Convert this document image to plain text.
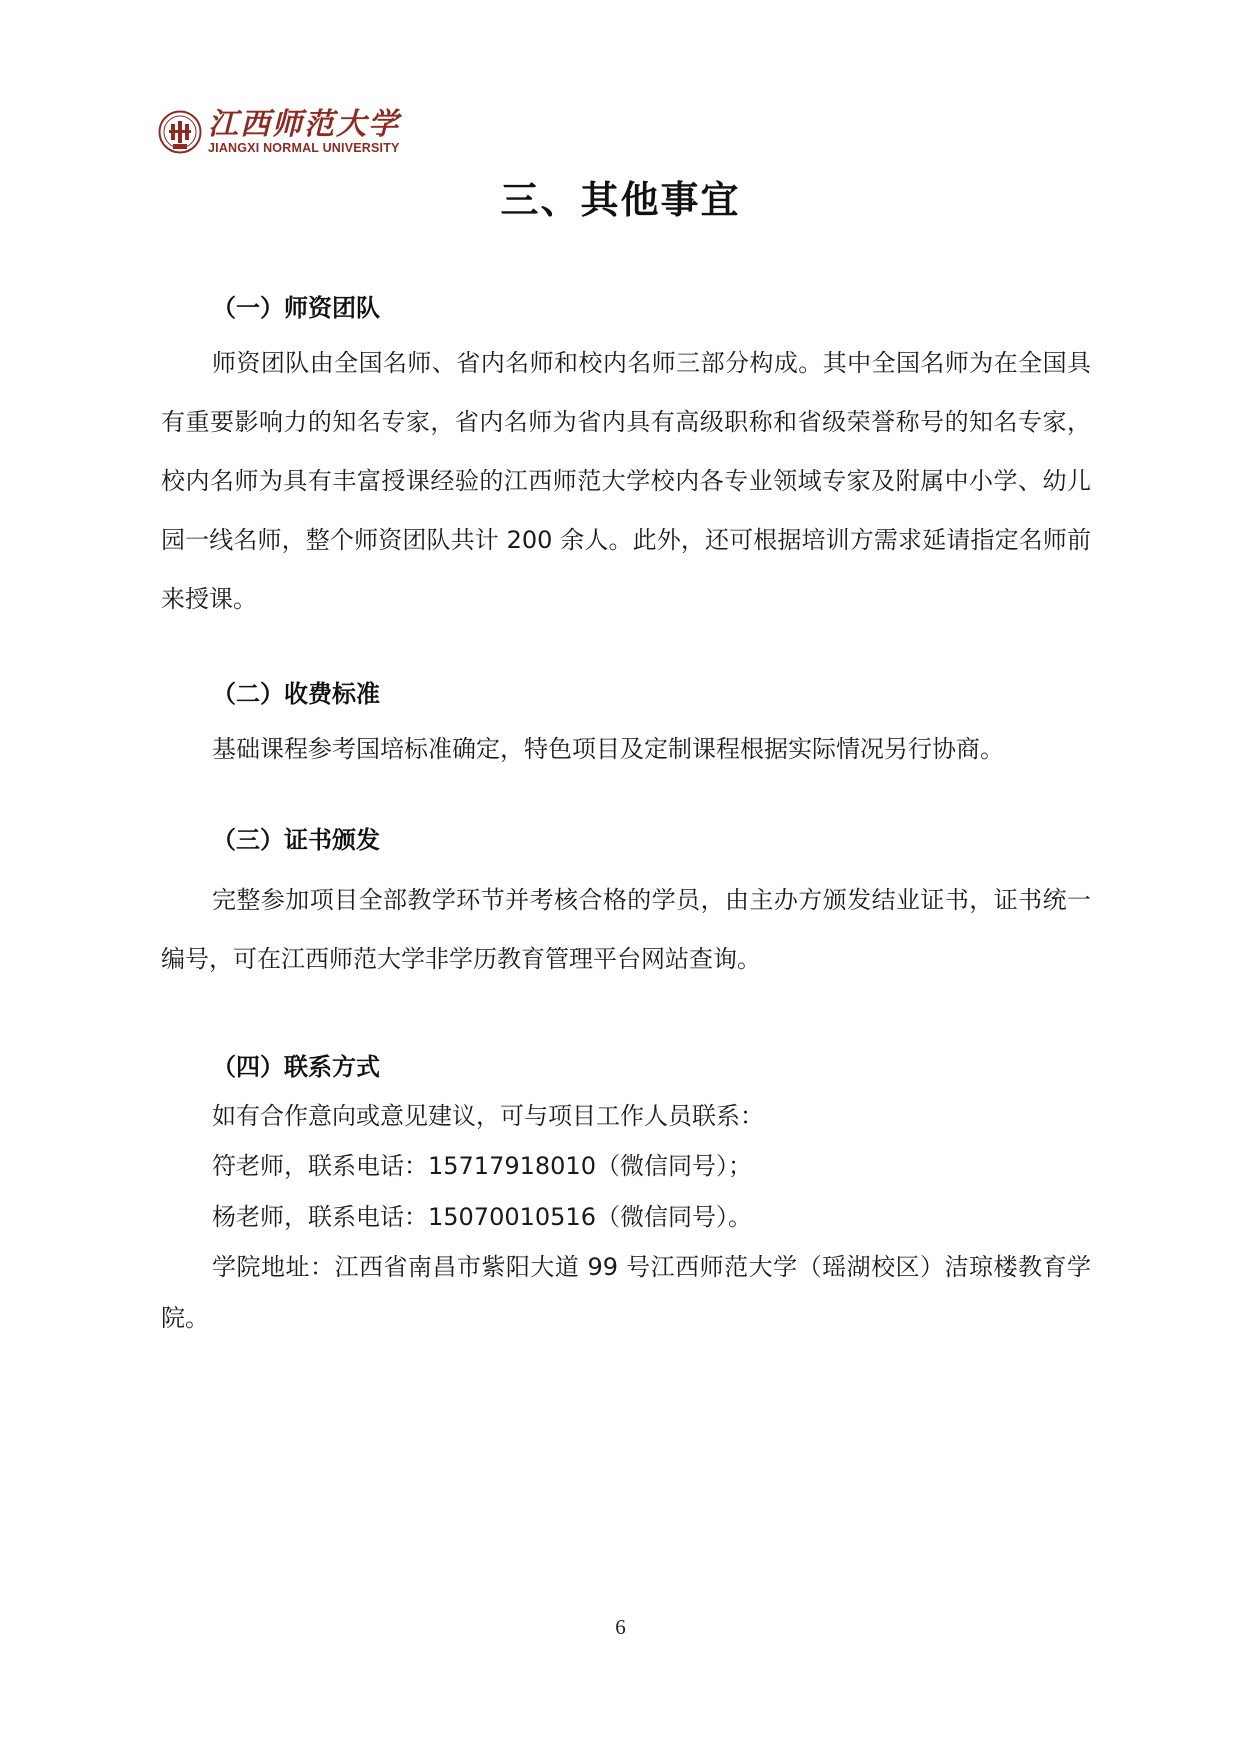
江西师范大学
JIANGXI NORMAL UNIVERSITY
三、其他事宜
（一）师资团队
师资团队由全国名师、省内名师和校内名师三部分构成。其中全国名师为在全国具有重要影响力的知名专家，省内名师为省内具有高级职称和省级荣誉称号的知名专家，校内名师为具有丰富授课经验的江西师范大学校内各专业领域专家及附属中小学、幼儿园一线名师，整个师资团队共计 200 余人。此外，还可根据培训方需求延请指定名师前来授课。
（二）收费标准
基础课程参考国培标准确定，特色项目及定制课程根据实际情况另行协商。
（三）证书颁发
完整参加项目全部教学环节并考核合格的学员，由主办方颁发结业证书，证书统一编号，可在江西师范大学非学历教育管理平台网站查询。
（四）联系方式
如有合作意向或意见建议，可与项目工作人员联系：
符老师，联系电话：15717918010（微信同号）；
杨老师，联系电话：15070010516（微信同号）。
学院地址：江西省南昌市紫阳大道 99 号江西师范大学（瑶湖校区）洁琼楼教育学院。
6
